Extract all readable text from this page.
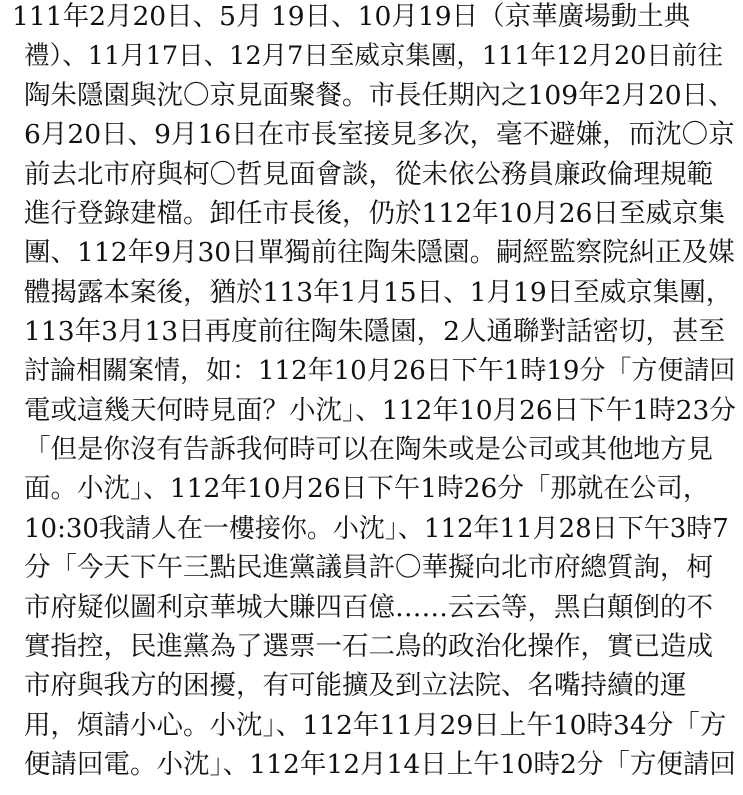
111年2月20日、5月 19日、10月19日（京華廣場動土典
禮）、11月17日、12月7日至威京集團，111年12月20日前往
陶朱隱園與沈〇京見面聚餐。市長任期內之109年2月20日、
6月20日、9月16日在市長室接見多次，毫不避嫌，而沈〇京
前去北市府與柯〇哲見面會談，從未依公務員廉政倫理規範
進行登錄建檔。卸任市長後，仍於112年10月26日至威京集
團、112年9月30日單獨前往陶朱隱園。嗣經監察院糾正及媒
體揭露本案後，猶於113年1月15日、1月19日至威京集團，
113年3月13日再度前往陶朱隱園，2人通聯對話密切，甚至
討論相關案情，如：112年10月26日下午1時19分「方便請回
電或這幾天何時見面？小沈」、112年10月26日下午1時23分
「但是你沒有告訴我何時可以在陶朱或是公司或其他地方見
面。小沈」、112年10月26日下午1時26分「那就在公司，
10:30我請人在一樓接你。小沈」、112年11月28日下午3時7
分「今天下午三點民進黨議員許〇華擬向北市府總質詢，柯
市府疑似圖利京華城大賺四百億……云云等，黑白顛倒的不
實指控，民進黨為了選票一石二鳥的政治化操作，實已造成
市府與我方的困擾，有可能擴及到立法院、名嘴持續的運
用，煩請小心。小沈」、112年11月29日上午10時34分「方
便請回電。小沈」、112年12月14日上午10時2分「方便請回
